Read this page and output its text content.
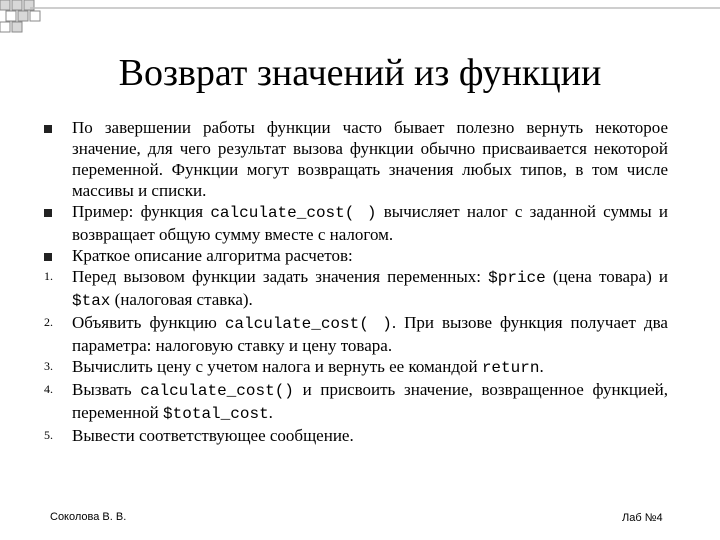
Возврат значений из функции
По завершении работы функции часто бывает полезно вернуть некоторое значение, для чего результат вызова функции обычно присваивается некоторой переменной. Функции могут возвращать значения любых типов, в том числе массивы и списки.
Пример: функция calculate_cost( ) вычисляет налог с заданной суммы и возвращает общую сумму вместе с налогом.
Краткое описание алгоритма расчетов:
1.	Перед вызовом функции задать значения переменных: $price (цена товара) и $tax (налоговая ставка).
2.	Объявить функцию calculate_cost( ). При вызове функция получает два параметра: налоговую ставку и цену товара.
3.	Вычислить цену с учетом налога и вернуть ее командой return.
4.	Вызвать calculate_cost() и присвоить значение, возвращенное функцией, переменной $total_cost.
5.	Вывести соответствующее сообщение.
Соколова В. В.	Лаб №4
